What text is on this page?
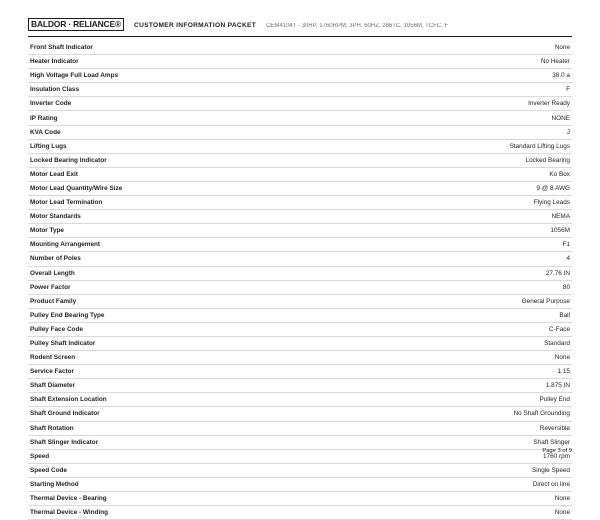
BALDOR · RELIANCE®	CUSTOMER INFORMATION PACKET CEM4104T - 30HP, 1760RPM, 3PH, 60HZ, 286TC, 1056M, TCFC, F
Front Shaft Indicator	None
Heater Indicator	No Heater
High Voltage Full Load Amps	38.0 a
Insulation Class	F
Inverter Code	Inverter Ready
IP Rating	NONE
KVA Code	J
Lifting Lugs	Standard Lifting Lugs
Locked Bearing Indicator	Locked Bearing
Motor Lead Exit	Ko Box
Motor Lead Quantity/Wire Size	9 @ 8 AWG
Motor Lead Termination	Flying Leads
Motor Standards	NEMA
Motor Type	1056M
Mounting Arrangement	F1
Number of Poles	4
Overall Length	27.76 IN
Power Factor	80
Product Family	General Purpose
Pulley End Bearing Type	Ball
Pulley Face Code	C-Face
Pulley Shaft Indicator	Standard
Rodent Screen	None
Service Factor	1.15
Shaft Diameter	1.875 IN
Shaft Extension Location	Pulley End
Shaft Ground Indicator	No Shaft Grounding
Shaft Rotation	Reversible
Shaft Slinger Indicator	Shaft Slinger
Speed	1760 rpm
Speed Code	Single Speed
Starting Method	Direct on line
Thermal Device - Bearing	None
Thermal Device - Winding	None
Page 3 of 9
